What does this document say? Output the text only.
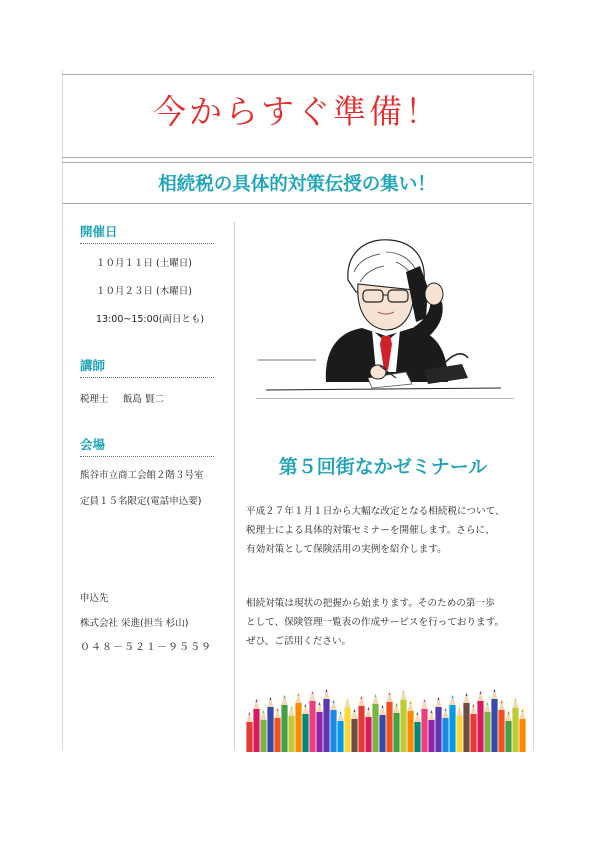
今からすぐ準備！
相続税の具体的対策伝授の集い！
開催日
１０月１１日 (土曜日)
１０月２３日 (木曜日)
13:00~15:00(両日とも)
講師
税理士 飯島 賢二
会場
熊谷市立商工会館２階３号室
定員１５名限定(電話申込要)
申込先
株式会社 栄進(担当 杉山)
０４８－５２１－９５５９
第５回街なかゼミナール
平成２７年１月１日から大幅な改定となる相続税について、
税理士による具体的対策セミナーを開催します。さらに、
有効対策として保険活用の実例を紹介します。
相続対策は現状の把握から始まります。そのための第一歩
として、保険管理一覧表の作成サービスを行っております。
ぜひ、ご活用ください。
